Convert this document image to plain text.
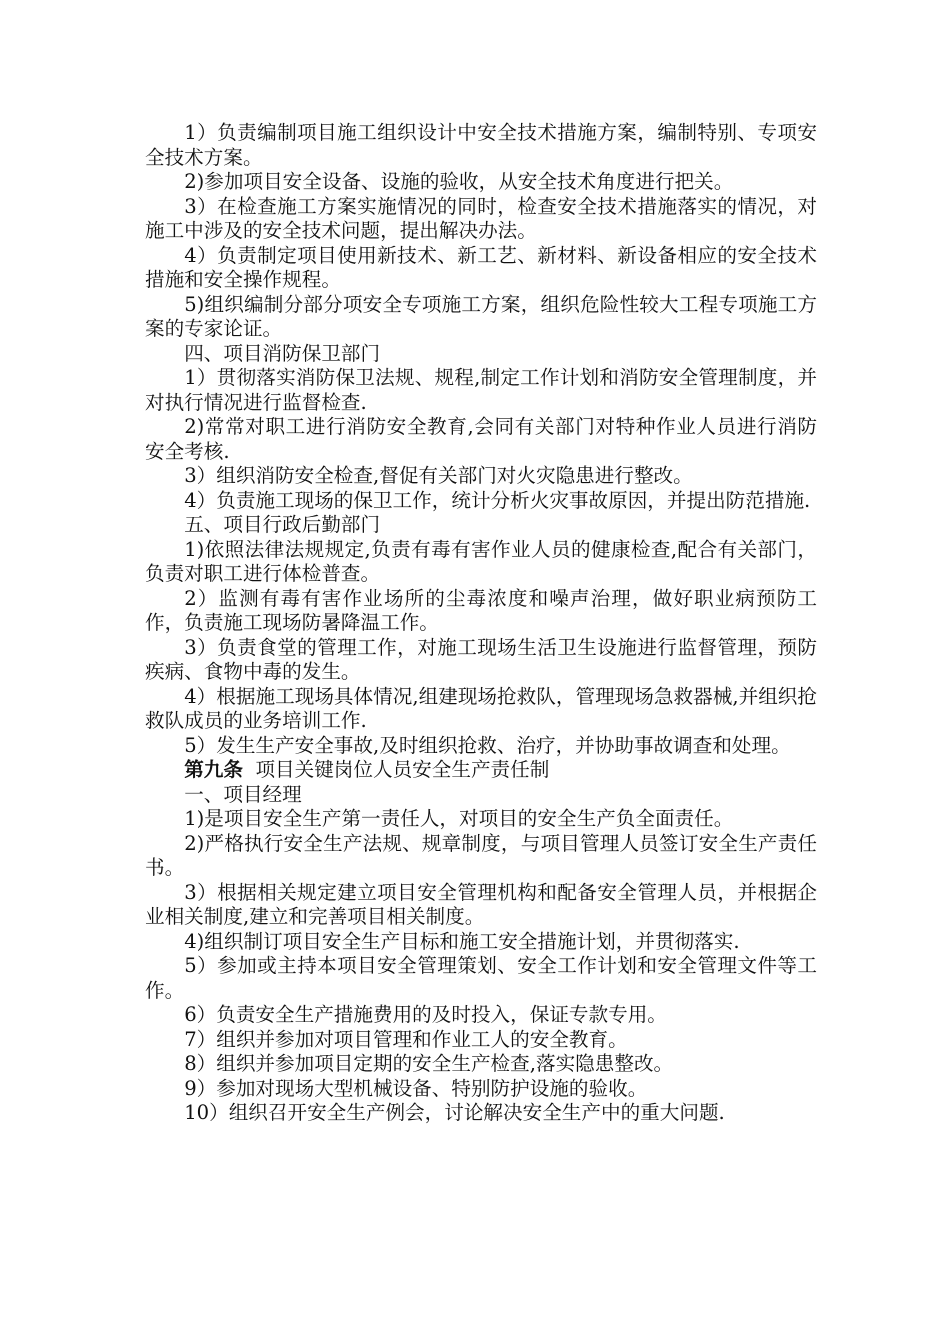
1）负责编制项目施工组织设计中安全技术措施方案，编制特别、专项安全技术方案。

2)参加项目安全设备、设施的验收，从安全技术角度进行把关。

3）在检查施工方案实施情况的同时，检查安全技术措施落实的情况，对施工中涉及的安全技术问题，提出解决办法。

4）负责制定项目使用新技术、新工艺、新材料、新设备相应的安全技术措施和安全操作规程。

5)组织编制分部分项安全专项施工方案，组织危险性较大工程专项施工方案的专家论证。

四、项目消防保卫部门

1）贯彻落实消防保卫法规、规程,制定工作计划和消防安全管理制度，并对执行情况进行监督检查.

2)常常对职工进行消防安全教育,会同有关部门对特种作业人员进行消防安全考核.

3）组织消防安全检查,督促有关部门对火灾隐患进行整改。

4）负责施工现场的保卫工作，统计分析火灾事故原因，并提出防范措施.

五、项目行政后勤部门

1)依照法律法规规定,负责有毒有害作业人员的健康检查,配合有关部门，负责对职工进行体检普查。

2）监测有毒有害作业场所的尘毒浓度和噪声治理，做好职业病预防工作，负责施工现场防暑降温工作。

3）负责食堂的管理工作，对施工现场生活卫生设施进行监督管理，预防疾病、食物中毒的发生。

4）根据施工现场具体情况,组建现场抢救队，管理现场急救器械,并组织抢救队成员的业务培训工作.

5）发生生产安全事故,及时组织抢救、治疗，并协助事故调查和处理。

第九条 项目关键岗位人员安全生产责任制

一、项目经理

1)是项目安全生产第一责任人，对项目的安全生产负全面责任。

2)严格执行安全生产法规、规章制度，与项目管理人员签订安全生产责任书。

3）根据相关规定建立项目安全管理机构和配备安全管理人员，并根据企业相关制度,建立和完善项目相关制度。

4)组织制订项目安全生产目标和施工安全措施计划，并贯彻落实.

5）参加或主持本项目安全管理策划、安全工作计划和安全管理文件等工作。

6）负责安全生产措施费用的及时投入，保证专款专用。

7）组织并参加对项目管理和作业工人的安全教育。

8）组织并参加项目定期的安全生产检查,落实隐患整改。

9）参加对现场大型机械设备、特别防护设施的验收。

10）组织召开安全生产例会，讨论解决安全生产中的重大问题.
